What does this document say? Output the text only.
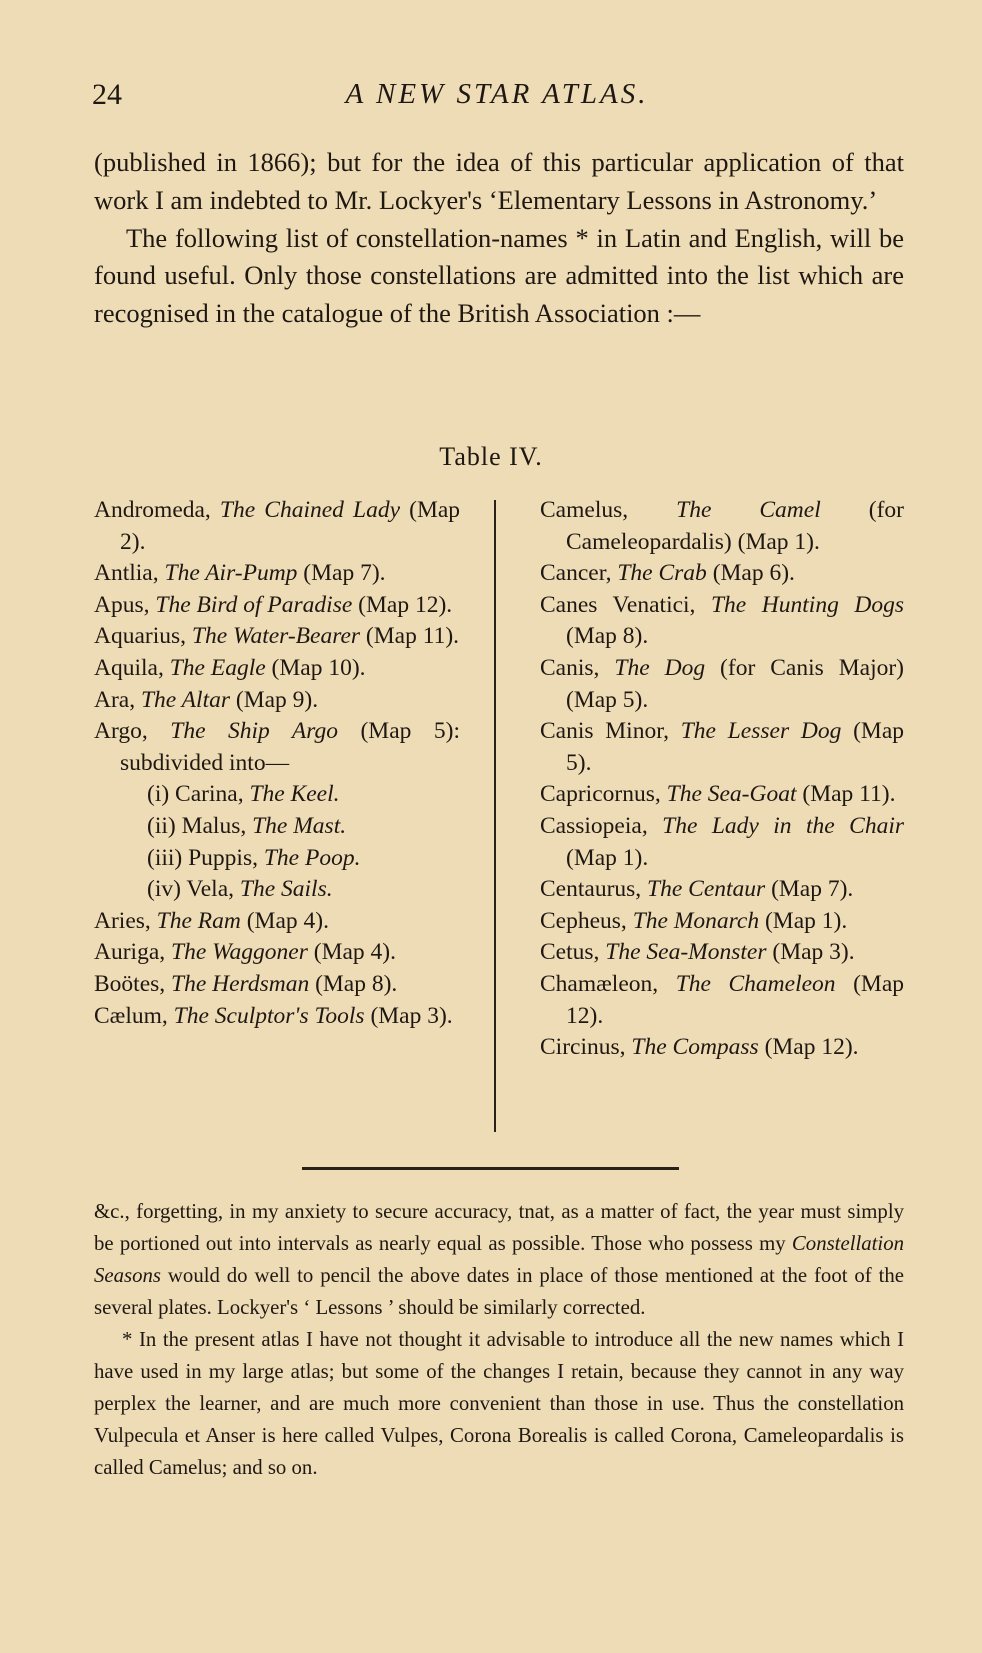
24	A NEW STAR ATLAS.

(published in 1866); but for the idea of this particular application of that work I am indebted to Mr. Lockyer's ‘Elementary Lessons in Astronomy.’

The following list of constellation-names * in Latin and English, will be found useful. Only those constellations are admitted into the list which are recognised in the catalogue of the British Association :—

Table IV.
Andromeda, The Chained Lady (Map 2).
Antlia, The Air-Pump (Map 7).
Apus, The Bird of Paradise (Map 12).
Aquarius, The Water-Bearer (Map 11).
Aquila, The Eagle (Map 10).
Ara, The Altar (Map 9).
Argo, The Ship Argo (Map 5): subdivided into—
(i) Carina, The Keel.
(ii) Malus, The Mast.
(iii) Puppis, The Poop.
(iv) Vela, The Sails.
Aries, The Ram (Map 4).
Auriga, The Waggoner (Map 4).
Boötes, The Herdsman (Map 8).
Cælum, The Sculptor's Tools (Map 3).
Camelus, The Camel (for Cameleopardalis) (Map 1).
Cancer, The Crab (Map 6).
Canes Venatici, The Hunting Dogs (Map 8).
Canis, The Dog (for Canis Major) (Map 5).
Canis Minor, The Lesser Dog (Map 5).
Capricornus, The Sea-Goat (Map 11).
Cassiopeia, The Lady in the Chair (Map 1).
Centaurus, The Centaur (Map 7).
Cepheus, The Monarch (Map 1).
Cetus, The Sea-Monster (Map 3).
Chamæleon, The Chameleon (Map 12).
Circinus, The Compass (Map 12).

&c., forgetting, in my anxiety to secure accuracy, tnat, as a matter of fact, the year must simply be portioned out into intervals as nearly equal as possible. Those who possess my Constellation Seasons would do well to pencil the above dates in place of those mentioned at the foot of the several plates. Lockyer's ‘ Lessons ’ should be similarly corrected.

* In the present atlas I have not thought it advisable to introduce all the new names which I have used in my large atlas; but some of the changes I retain, because they cannot in any way perplex the learner, and are much more convenient than those in use. Thus the constellation Vulpecula et Anser is here called Vulpes, Corona Borealis is called Corona, Cameleopardalis is called Camelus; and so on.
